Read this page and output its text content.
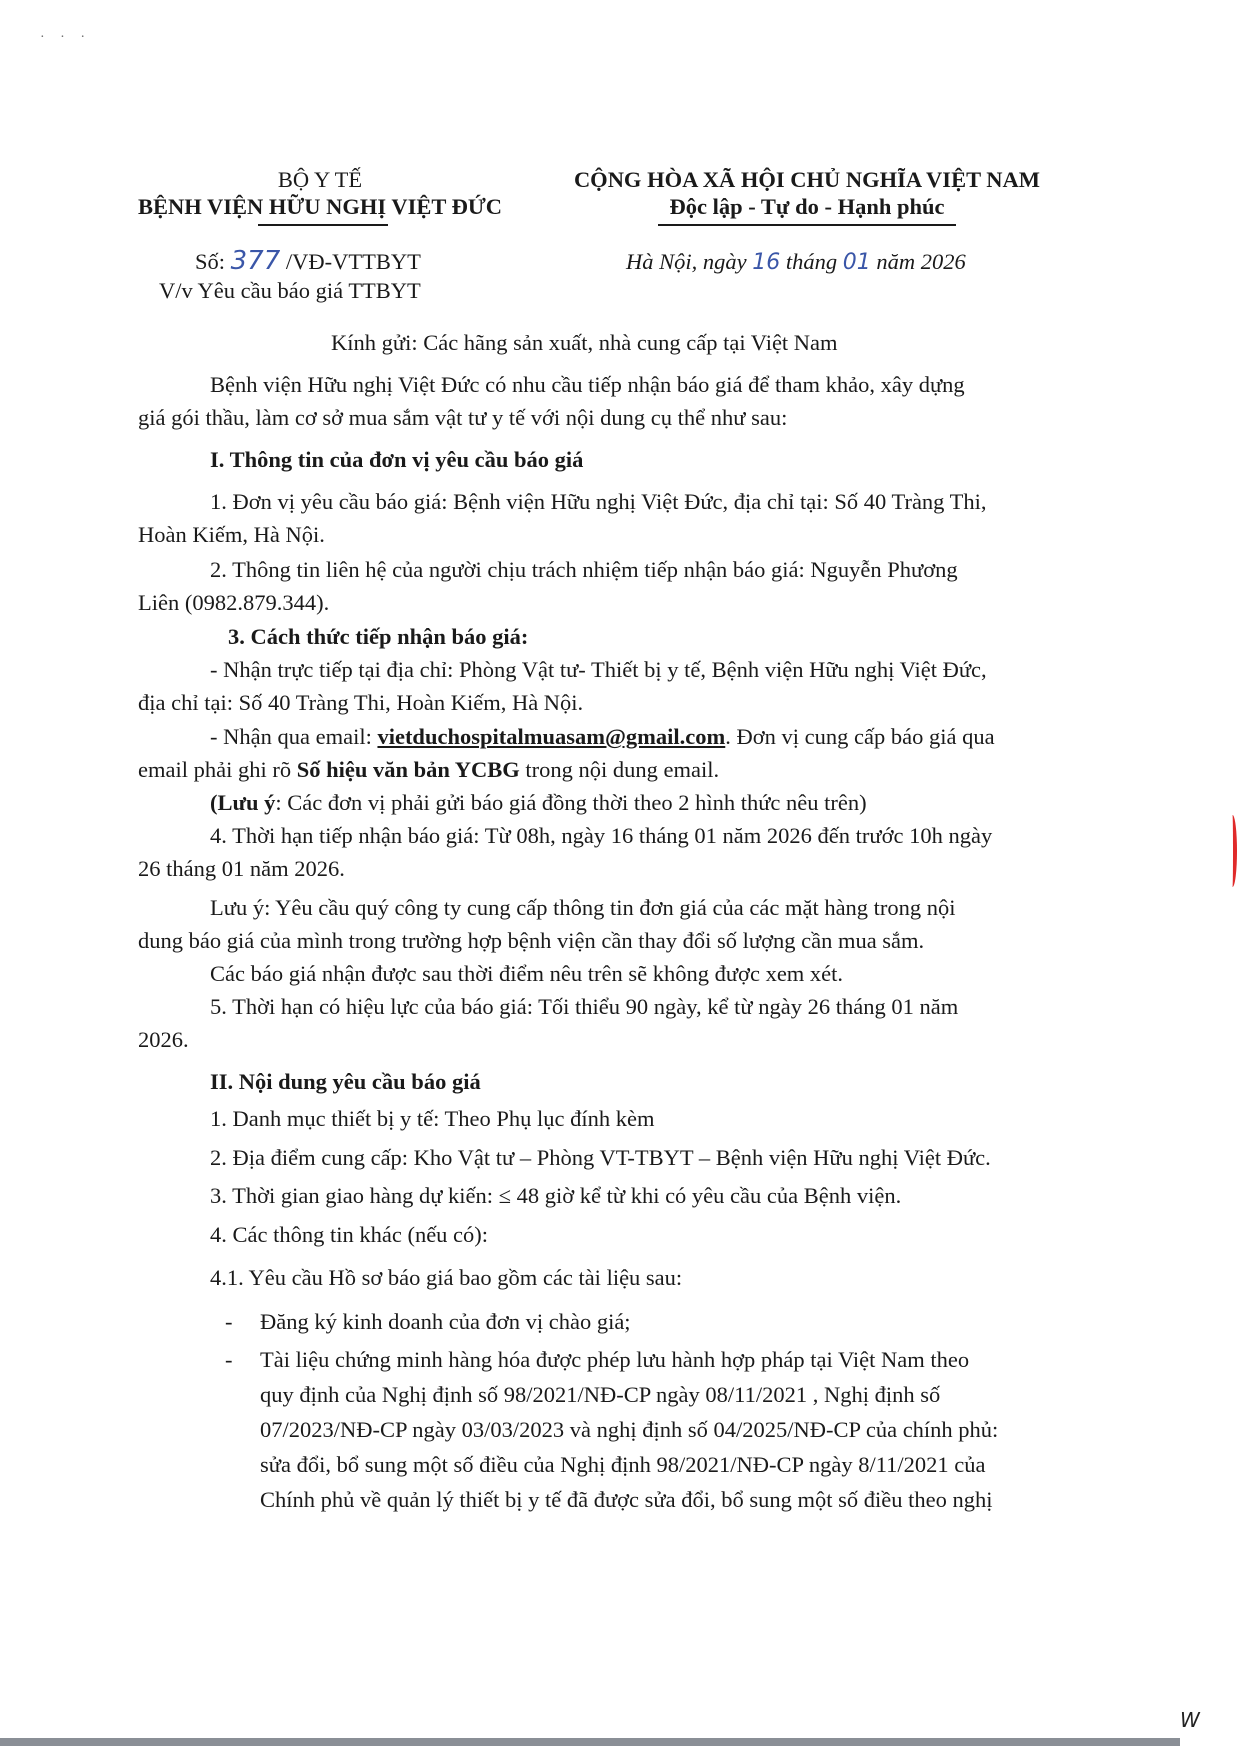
· · ·
BỘ Y TẾ
BỆNH VIỆN HỮU NGHỊ VIỆT ĐỨC
Số: 377 /VĐ-VTTBYT
V/v Yêu cầu báo giá TTBYT
CỘNG HÒA XÃ HỘI CHỦ NGHĨA VIỆT NAM
Độc lập - Tự do - Hạnh phúc
Hà Nội, ngày 16 tháng 01 năm 2026
Kính gửi: Các hãng sản xuất, nhà cung cấp tại Việt Nam
Bệnh viện Hữu nghị Việt Đức có nhu cầu tiếp nhận báo giá để tham khảo, xây dựng
giá gói thầu, làm cơ sở mua sắm vật tư y tế với nội dung cụ thể như sau:
I. Thông tin của đơn vị yêu cầu báo giá
1. Đơn vị yêu cầu báo giá: Bệnh viện Hữu nghị Việt Đức, địa chỉ tại: Số 40 Tràng Thi,
Hoàn Kiếm, Hà Nội.
2. Thông tin liên hệ của người chịu trách nhiệm tiếp nhận báo giá: Nguyễn Phương
Liên (0982.879.344).
3. Cách thức tiếp nhận báo giá:
- Nhận trực tiếp tại địa chỉ: Phòng Vật tư- Thiết bị y tế, Bệnh viện Hữu nghị Việt Đức,
địa chỉ tại: Số 40 Tràng Thi, Hoàn Kiếm, Hà Nội.
- Nhận qua email: vietduchospitalmuasam@gmail.com. Đơn vị cung cấp báo giá qua
email phải ghi rõ Số hiệu văn bản YCBG trong nội dung email.
(Lưu ý: Các đơn vị phải gửi báo giá đồng thời theo 2 hình thức nêu trên)
4. Thời hạn tiếp nhận báo giá: Từ 08h, ngày 16 tháng 01 năm 2026 đến trước 10h ngày
26 tháng 01 năm 2026.
Lưu ý: Yêu cầu quý công ty cung cấp thông tin đơn giá của các mặt hàng trong nội
dung báo giá của mình trong trường hợp bệnh viện cần thay đổi số lượng cần mua sắm.
Các báo giá nhận được sau thời điểm nêu trên sẽ không được xem xét.
5. Thời hạn có hiệu lực của báo giá: Tối thiểu 90 ngày, kể từ ngày 26 tháng 01 năm
2026.
II. Nội dung yêu cầu báo giá
1. Danh mục thiết bị y tế: Theo Phụ lục đính kèm
2. Địa điểm cung cấp: Kho Vật tư – Phòng VT-TBYT – Bệnh viện Hữu nghị Việt Đức.
3. Thời gian giao hàng dự kiến: ≤ 48 giờ kể từ khi có yêu cầu của Bệnh viện.
4. Các thông tin khác (nếu có):
4.1. Yêu cầu Hồ sơ báo giá bao gồm các tài liệu sau:
- Đăng ký kinh doanh của đơn vị chào giá;
- Tài liệu chứng minh hàng hóa được phép lưu hành hợp pháp tại Việt Nam theo
quy định của Nghị định số 98/2021/NĐ-CP ngày 08/11/2021 , Nghị định số
07/2023/NĐ-CP ngày 03/03/2023 và nghị định số 04/2025/NĐ-CP của chính phủ:
sửa đổi, bổ sung một số điều của Nghị định 98/2021/NĐ-CP ngày 8/11/2021 của
Chính phủ về quản lý thiết bị y tế đã được sửa đổi, bổ sung một số điều theo nghị
W
